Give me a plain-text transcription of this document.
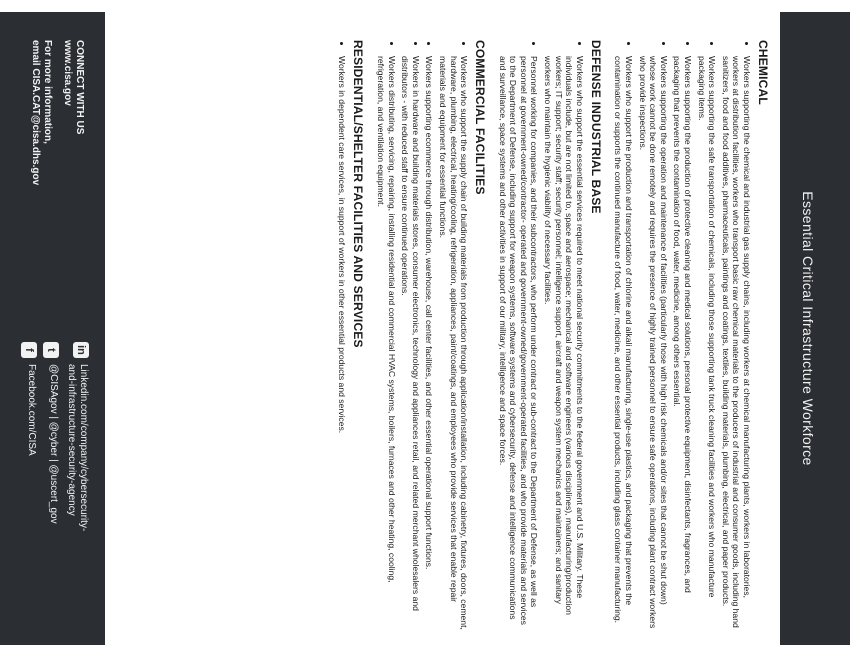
Essential Critical Infrastructure Workforce
CHEMICAL
• Workers supporting the chemical and industrial gas supply chains, including workers at chemical manufacturing plants, workers in laboratories, workers at distribution facilities, workers who transport basic raw chemical materials to the producers of industrial and consumer goods, including hand sanitizers, food and food additives, pharmaceuticals, paintings and coatings, textiles, building materials, plumbing, electrical, and paper products.
• Workers supporting the safe transportation of chemicals, including those supporting tank truck cleaning facilities and workers who manufacture packaging items.
• Workers supporting the production of protective cleaning and medical solutions, personal protective equipment, disinfectants, fragrances, and packaging that prevents the contamination of food, water, medicine, among others essential.
• Workers supporting the operation and maintenance of facilities (particularly those with high risk chemicals and/or sites that cannot be shut down) whose work cannot be done remotely and requires the presence of highly trained personnel to ensure safe operations, including plant contract workers who provide inspections.
• Workers who support the production and transportation of chlorine and alkali manufacturing, single-use plastics, and packaging that prevents the contamination or supports the continued manufacture of food, water, medicine, and other essential products, including glass container manufacturing.
DEFENSE INDUSTRIAL BASE
• Workers who support the essential services required to meet national security commitments to the federal government and U.S. Military. These individuals include, but are not limited to, space and aerospace; mechanical and software engineers (various disciplines), manufacturing/production workers; IT support; security staff; security personnel; intelligence support, aircraft and weapon system mechanics and maintainers; and sanitary workers who maintain the hygienic viability of necessary facilities.
• Personnel working for companies, and their subcontractors, who perform under contract or sub-contract to the Department of Defense, as well as personnel at government-owned/contractor- operated and government-owned/government-operated facilities, and who provide materials and services to the Department of Defense, including support for weapon systems, software systems and cybersecurity, defense and intelligence communications and surveillance, space systems and other activities in support of our military, intelligence and space forces.
COMMERCIAL FACILITIES
• Workers who support the supply chain of building materials from production through application/installation, including cabinetry, fixtures, doors, cement, hardware, plumbing, electrical, heating/cooling, refrigeration, appliances, paint/coatings, and employees who provide services that enable repair materials and equipment for essential functions.
• Workers supporting ecommerce through distribution, warehouse, call center facilities, and other essential operational support functions.
• Workers in hardware and building materials stores, consumer electronics, technology and appliances retail, and related merchant wholesalers and distributors - with reduced staff to ensure continued operations.
• Workers distributing, servicing, repairing, installing residential and commercial HVAC systems, boilers, furnaces and other heating, cooling, refrigeration, and ventilation equipment.
RESIDENTIAL/SHELTER FACILITIES AND SERVICES
• Workers in dependent care services, in support of workers in other essential products and services.
CONNECT WITH US
www.cisa.gov
For more information,
email CISA.CAT@cisa.dhs.gov
in
Linkedin.com/company/cybersecurity-
and-infrastructure-security-agency
t
@CISAgov | @cyber | @uscert_gov
f
Facebook.com/CISA
